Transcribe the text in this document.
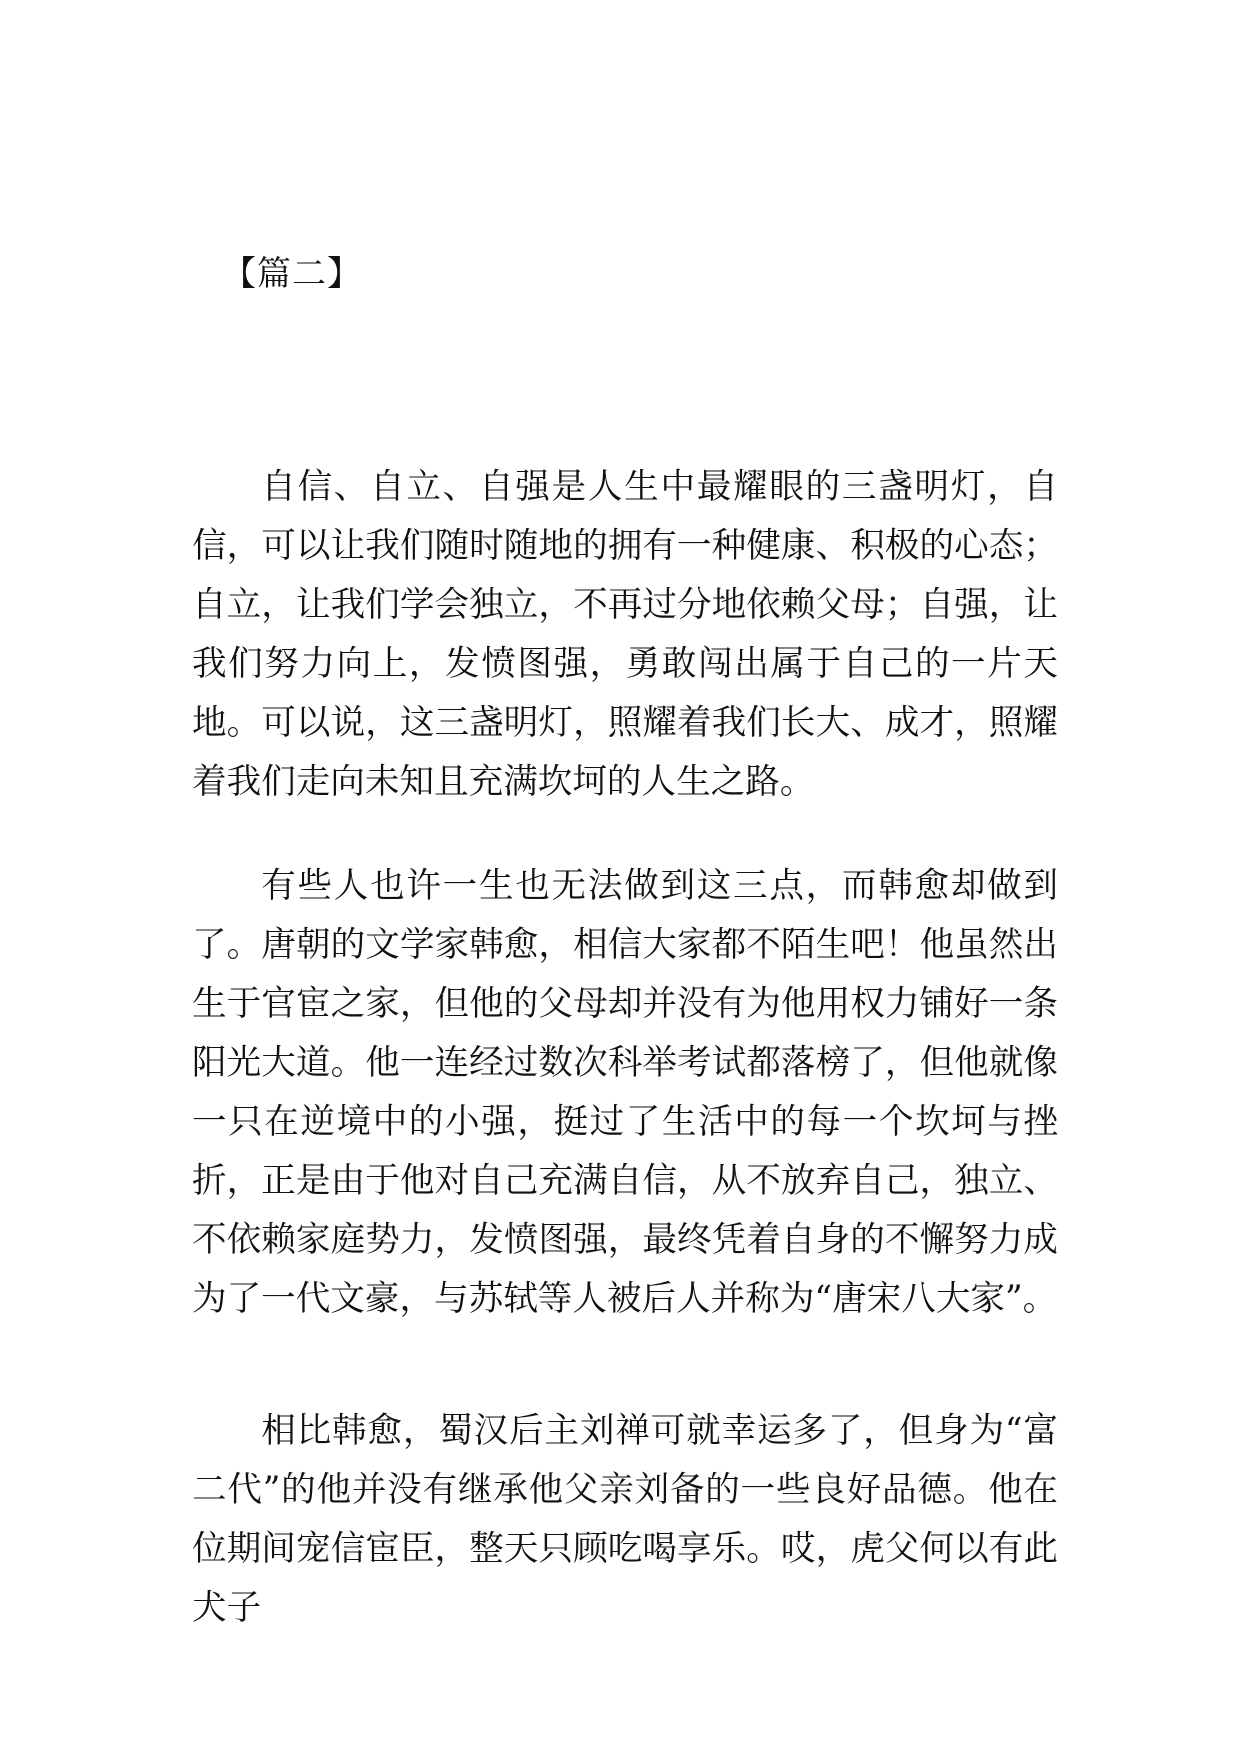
【篇二】

自信、自立、自强是人生中最耀眼的三盏明灯，自信，可以让我们随时随地的拥有一种健康、积极的心态；自立，让我们学会独立，不再过分地依赖父母；自强，让我们努力向上，发愤图强，勇敢闯出属于自己的一片天地。可以说，这三盏明灯，照耀着我们长大、成才，照耀着我们走向未知且充满坎坷的人生之路。

有些人也许一生也无法做到这三点，而韩愈却做到了。唐朝的文学家韩愈，相信大家都不陌生吧！他虽然出生于官宦之家，但他的父母却并没有为他用权力铺好一条阳光大道。他一连经过数次科举考试都落榜了，但他就像一只在逆境中的小强，挺过了生活中的每一个坎坷与挫折，正是由于他对自己充满自信，从不放弃自己，独立、不依赖家庭势力，发愤图强，最终凭着自身的不懈努力成为了一代文豪，与苏轼等人被后人并称为“唐宋八大家”。

相比韩愈，蜀汉后主刘禅可就幸运多了，但身为“富二代”的他并没有继承他父亲刘备的一些良好品德。他在位期间宠信宦臣，整天只顾吃喝享乐。哎，虎父何以有此犬子
